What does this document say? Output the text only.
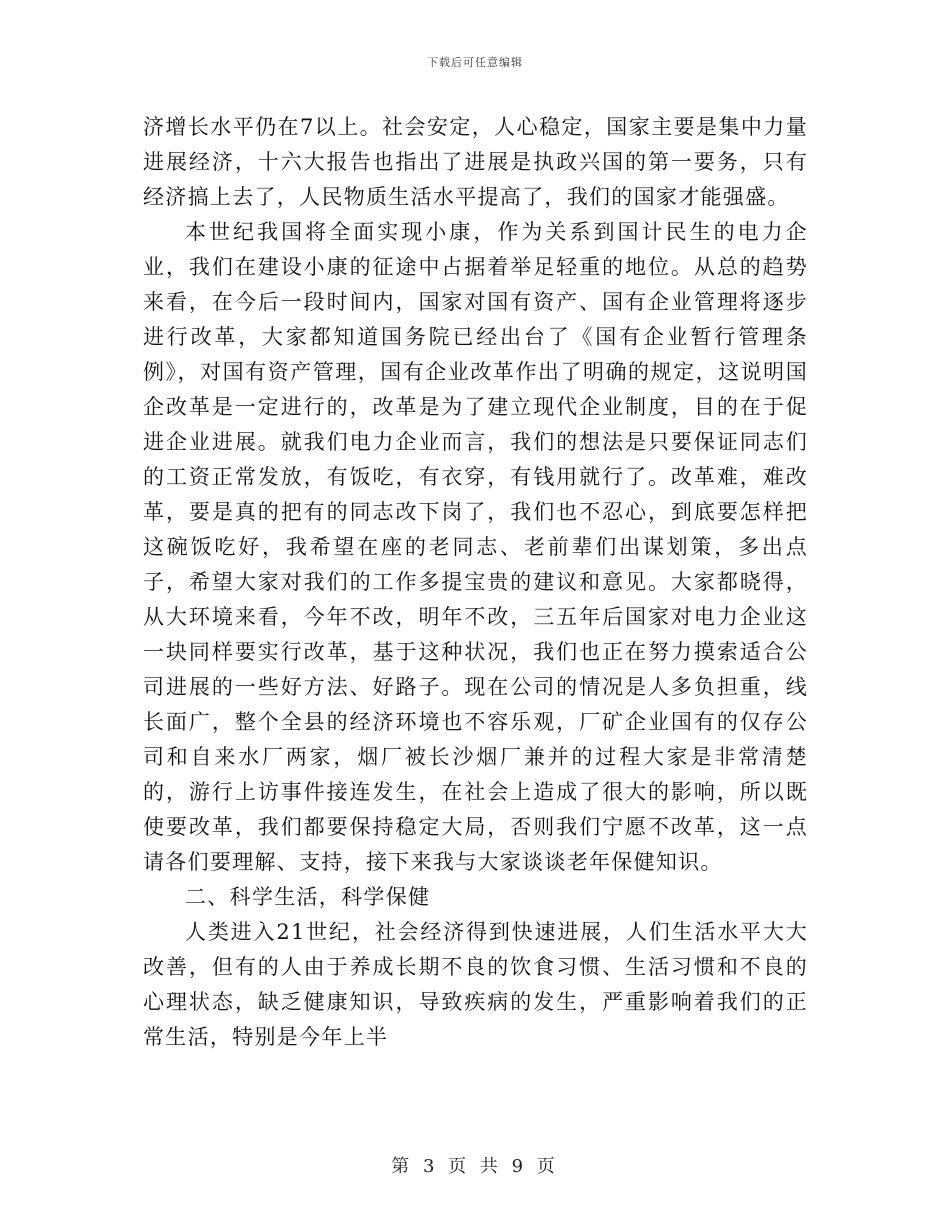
下载后可任意编辑

济增长水平仍在7以上。社会安定，人心稳定，国家主要是集中力量进展经济，十六大报告也指出了进展是执政兴国的第一要务，只有经济搞上去了，人民物质生活水平提高了，我们的国家才能强盛。

本世纪我国将全面实现小康，作为关系到国计民生的电力企业，我们在建设小康的征途中占据着举足轻重的地位。从总的趋势来看，在今后一段时间内，国家对国有资产、国有企业管理将逐步进行改革，大家都知道国务院已经出台了《国有企业暂行管理条例》，对国有资产管理，国有企业改革作出了明确的规定，这说明国企改革是一定进行的，改革是为了建立现代企业制度，目的在于促进企业进展。就我们电力企业而言，我们的想法是只要保证同志们的工资正常发放，有饭吃，有衣穿，有钱用就行了。改革难，难改革，要是真的把有的同志改下岗了，我们也不忍心，到底要怎样把这碗饭吃好，我希望在座的老同志、老前辈们出谋划策，多出点子，希望大家对我们的工作多提宝贵的建议和意见。大家都晓得，从大环境来看，今年不改，明年不改，三五年后国家对电力企业这一块同样要实行改革，基于这种状况，我们也正在努力摸索适合公司进展的一些好方法、好路子。现在公司的情况是人多负担重，线长面广，整个全县的经济环境也不容乐观，厂矿企业国有的仅存公司和自来水厂两家，烟厂被长沙烟厂兼并的过程大家是非常清楚的，游行上访事件接连发生，在社会上造成了很大的影响，所以既使要改革，我们都要保持稳定大局，否则我们宁愿不改革，这一点请各们要理解、支持，接下来我与大家谈谈老年保健知识。

二、科学生活，科学保健

人类进入21世纪，社会经济得到快速进展，人们生活水平大大改善，但有的人由于养成长期不良的饮食习惯、生活习惯和不良的心理状态，缺乏健康知识，导致疾病的发生，严重影响着我们的正常生活，特别是今年上半

第 3 页 共 9 页
